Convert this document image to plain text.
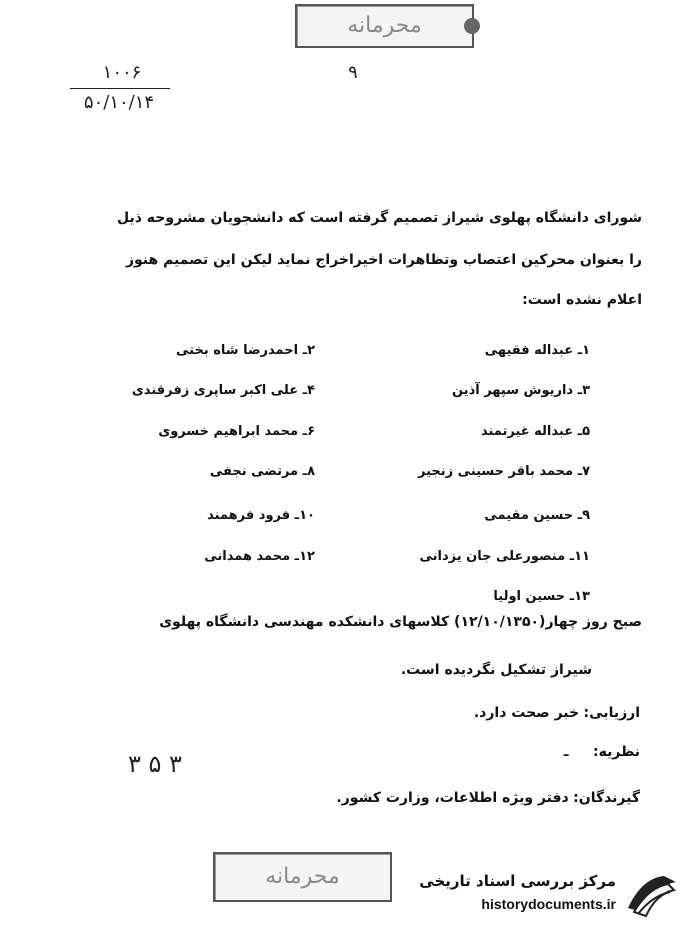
محرمانه
۱۰۰۶
۵۰/۱۰/۱۴
۹
شورای دانشگاه پهلوی شیراز تصمیم گرفته است که دانشجویان مشروحه ذیل
را بعنوان محرکین اعتصاب وتظاهرات اخیراخراج نماید لیکن این تصمیم هنوز
اعلام نشده است:
۱ـ عبداله فقیهی
۲ـ احمدرضا شاه بختی
۳ـ داریوش سپهر آذین
۴ـ علی اکبر ساپری زفرقندی
۵ـ عبداله غیرتمند
۶ـ محمد ابراهیم خسروی
۷ـ محمد باقر حسینی زنجیر
۸ـ مرتضی نجفی
۹ـ حسین مقیمی
۱۰ـ فرود فرهمند
۱۱ـ منصورعلی جان یزدانی
۱۲ـ محمد همدانی
۱۳ـ حسین اولیا
صبح روز چهار(۱۲/۱۰/۱۳۵۰) کلاسهای دانشکده مهندسی دانشگاه پهلوی
شیراز تشکیل نگردیده است.
ارزیابی: خبر صحت دارد.
نظریه: ـ
۳ ۵ ۳
گیرندگان: دفتر ویژه اطلاعات، وزارت کشور.
محرمانه	مرکز بررسی اسناد تاریخی
historydocuments.ir
